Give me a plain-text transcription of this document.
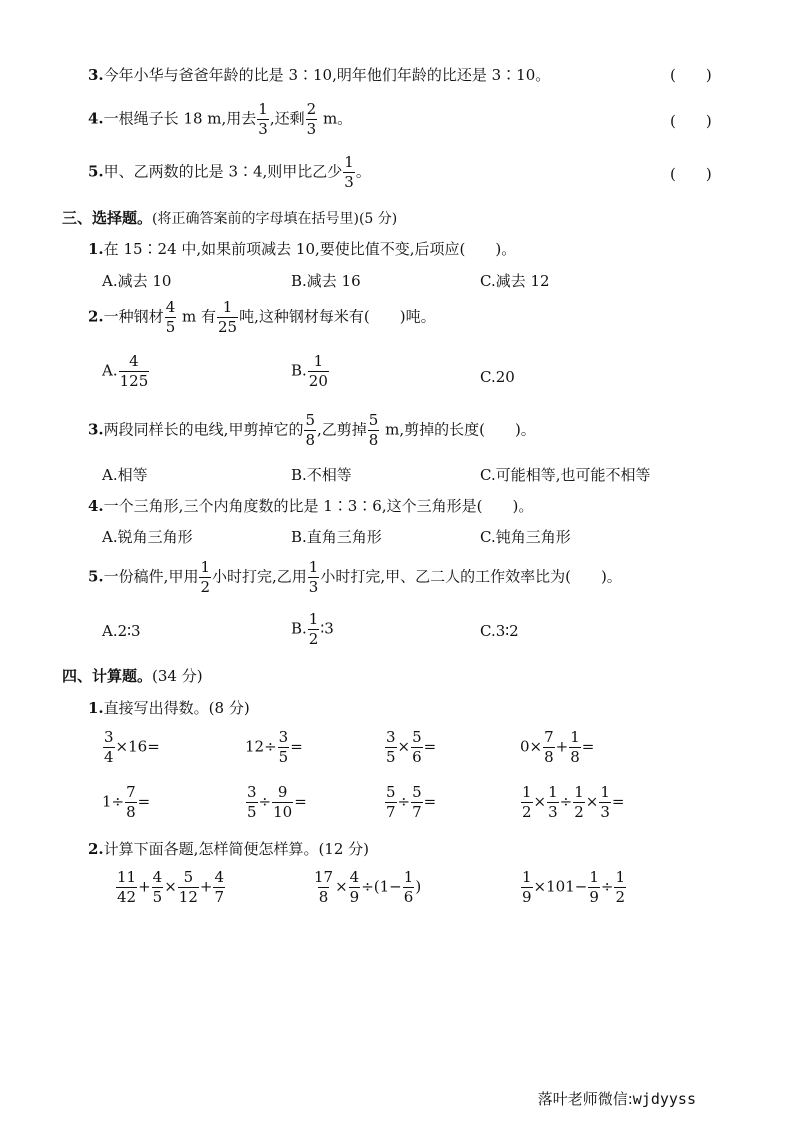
3.今年小华与爸爸年龄的比是 3∶10,明年他们年龄的比还是 3∶10。	(　　)
4.一根绳子长 18 m,用去 $\frac{1}{3}$ ,还剩 $\frac{2}{3}$ m。	(　　)
5.甲、乙两数的比是 3∶4,则甲比乙少 $\frac{1}{3}$ 。	(　　)
三、选择题。(将正确答案前的字母填在括号里)(5 分)
1.在 15∶24 中,如果前项减去 10,要使比值不变,后项应(　　)。
A.减去 10	B.减去 16	C.减去 12
2.一种钢材 $\frac{4}{5}$ m 有 $\frac{1}{25}$ 吨,这种钢材每米有(　　)吨。
A. $\frac{4}{125}$	B. $\frac{1}{20}$	C.20
3.两段同样长的电线,甲剪掉它的 $\frac{5}{8}$ ,乙剪掉 $\frac{5}{8} m$,剪掉的长度(　　)。
A.相等	B.不相等	C.可能相等,也可能不相等
4.一个三角形,三个内角度数的比是 1∶3∶6,这个三角形是(　　)。
A.锐角三角形	B.直角三角形	C.钝角三角形
5.一份稿件,甲用 $\frac{1}{2}$ 小时打完,乙用 $\frac{1}{3}$ 小时打完,甲、乙二人的工作效率比为(　　)。
A.2∶3	B. $\frac{1}{2}$ ∶3	C.3∶2
四、计算题。(34 分)
1.直接写出得数。(8 分)
$\frac{3}{4} \times 16=$	$12\div \frac{3}{5}$ =	$\frac{3}{5} \times \frac{5}{6}$ =	$0\times \frac{7}{8} + \frac{1}{8}$ =
$1\div \frac{7}{8}$ =	$\frac{3}{5} \div \frac{9}{10}$ =	$\frac{5}{7} \div \frac{5}{7}$ =	$\frac{1}{2} \times \frac{1}{3} \div \frac{1}{2} \times \frac{1}{3}$ =
2.计算下面各题,怎样简便怎样算。(12 分)
$\frac{11}{42} + \frac{4}{5} \times \frac{5}{12} + \frac{4}{7}$	$\frac{17}{8} \times \frac{4}{9} \div(1- \frac{1}{6}$ )	$\frac{1}{9} \times 101- \frac{1}{9} \div \frac{1}{2}$
落叶老师微信:wjdyyss
